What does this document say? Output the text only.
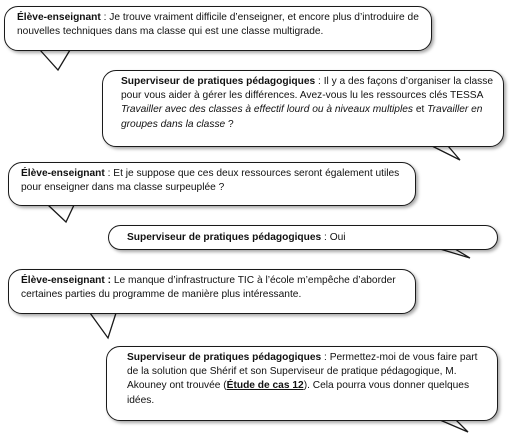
Élève-enseignant : Je trouve vraiment difficile d’enseigner, et encore plus d’introduire de nouvelles techniques dans ma classe qui est une classe multigrade.
Superviseur de pratiques pédagogiques : Il y a des façons d’organiser la classe pour vous aider à gérer les différences. Avez-vous lu les ressources clés TESSA Travailler avec des classes à effectif lourd ou à niveaux multiples et Travailler en groupes dans la classe ?
Élève-enseignant : Et je suppose que ces deux ressources seront également utiles pour enseigner dans ma classe surpeuplée ?
Superviseur de pratiques pédagogiques : Oui
Élève-enseignant : Le manque d’infrastructure TIC à l’école m’empêche d’aborder certaines parties du programme de manière plus intéressante.
Superviseur de pratiques pédagogiques : Permettez-moi de vous faire part de la solution que Shérif et son Superviseur de pratique pédagogique, M. Akouney ont trouvée (Étude de cas 12). Cela pourra vous donner quelques idées.
